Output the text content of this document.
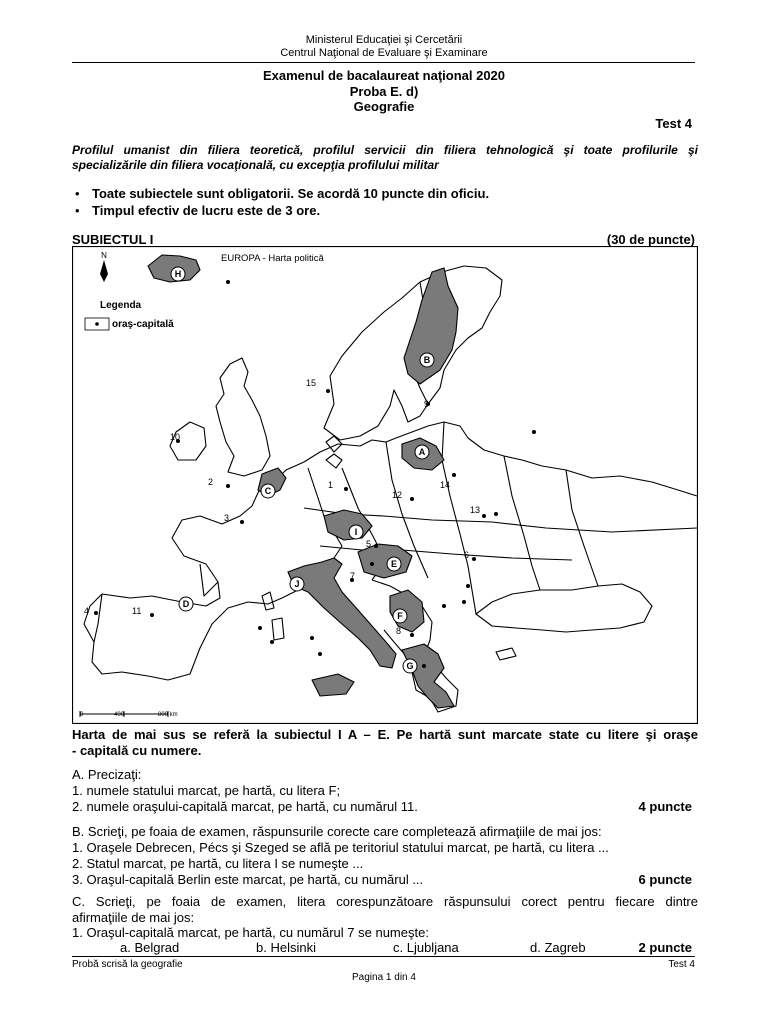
Ministerul Educaţiei şi Cercetării
Centrul Naţional de Evaluare şi Examinare
Examenul de bacalaureat naţional 2020
Proba E. d)
Geografie
Test 4
Profilul umanist din filiera teoretică, profilul servicii din filiera tehnologică şi toate profilurile şi
specializările din filiera vocaţională, cu excepţia profilului militar
• Toate subiectele sunt obligatorii. Se acordă 10 puncte din oficiu.
• Timpul efectiv de lucru este de 3 ore.
SUBIECTUL I	(30 de puncte)
N	EUROPA - Harta politică
Legenda
oraş-capitală
0	400	800 km
H
B
A
C
I
E
J
D
F
G
15
9
10
14
2	1
12
13
3
5
6
7
4	11
8
Harta de mai sus se referă la subiectul I A – E. Pe hartă sunt marcate state cu litere şi oraşe
- capitală cu numere.
A. Precizaţi:
1. numele statului marcat, pe hartă, cu litera F;
2. numele oraşului-capitală marcat, pe hartă, cu numărul 11.	4 puncte
B. Scrieţi, pe foaia de examen, răspunsurile corecte care completează afirmaţiile de mai jos:
1. Oraşele Debrecen, Pécs şi Szeged se află pe teritoriul statului marcat, pe hartă, cu litera ...
2. Statul marcat, pe hartă, cu litera I se numeşte ...
3. Oraşul-capitală Berlin este marcat, pe hartă, cu numărul ...	6 puncte
C. Scrieţi, pe foaia de examen, litera corespunzătoare răspunsului corect pentru fiecare dintre
afirmaţiile de mai jos:
1. Oraşul-capitală marcat, pe hartă, cu numărul 7 se numeşte:
a. Belgrad	b. Helsinki	c. Ljubljana	d. Zagreb	2 puncte
Probă scrisă la geografie	Test 4
Pagina 1 din 4
